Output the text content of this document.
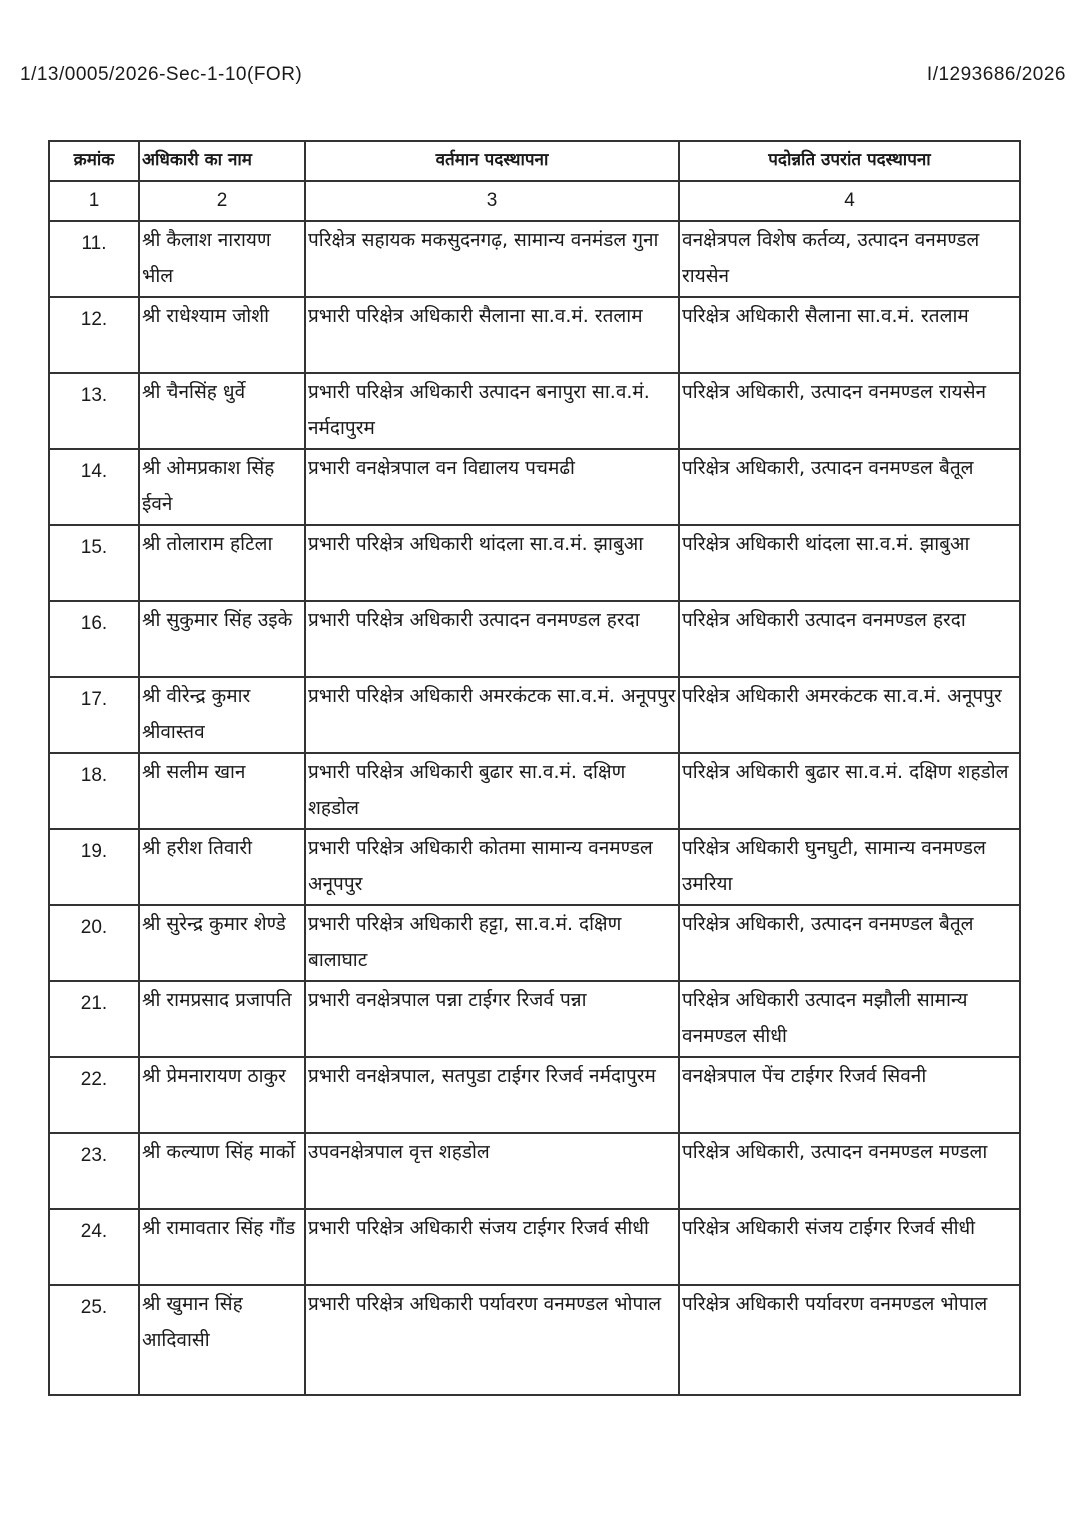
1/13/0005/2026-Sec-1-10(FOR)	I/1293686/2026
क्रमांक	अधिकारी का नाम	वर्तमान पदस्थापना	पदोन्नति उपरांत पदस्थापना
1	2	3	4
11.	श्री कैलाश नारायण भील	परिक्षेत्र सहायक मकसुदनगढ़, सामान्य वनमंडल गुना	वनक्षेत्रपल विशेष कर्तव्य, उत्पादन वनमण्डल रायसेन
12.	श्री राधेश्याम जोशी	प्रभारी परिक्षेत्र अधिकारी सैलाना सा.व.मं. रतलाम	परिक्षेत्र अधिकारी सैलाना सा.व.मं. रतलाम
13.	श्री चैनसिंह धुर्वे	प्रभारी परिक्षेत्र अधिकारी उत्पादन बनापुरा सा.व.मं. नर्मदापुरम	परिक्षेत्र अधिकारी, उत्पादन वनमण्डल रायसेन
14.	श्री ओमप्रकाश सिंह ईवने	प्रभारी वनक्षेत्रपाल वन विद्यालय पचमढी	परिक्षेत्र अधिकारी, उत्पादन वनमण्डल बैतूल
15.	श्री तोलाराम हटिला	प्रभारी परिक्षेत्र अधिकारी थांदला सा.व.मं. झाबुआ	परिक्षेत्र अधिकारी थांदला सा.व.मं. झाबुआ
16.	श्री सुकुमार सिंह उइके	प्रभारी परिक्षेत्र अधिकारी उत्पादन वनमण्डल हरदा	परिक्षेत्र अधिकारी उत्पादन वनमण्डल हरदा
17.	श्री वीरेन्द्र कुमार श्रीवास्तव	प्रभारी परिक्षेत्र अधिकारी अमरकंटक सा.व.मं. अनूपपुर	परिक्षेत्र अधिकारी अमरकंटक सा.व.मं. अनूपपुर
18.	श्री सलीम खान	प्रभारी परिक्षेत्र अधिकारी बुढार सा.व.मं. दक्षिण शहडोल	परिक्षेत्र अधिकारी बुढार सा.व.मं. दक्षिण शहडोल
19.	श्री हरीश तिवारी	प्रभारी परिक्षेत्र अधिकारी कोतमा सामान्य वनमण्डल अनूपपुर	परिक्षेत्र अधिकारी घुनघुटी, सामान्य वनमण्डल उमरिया
20.	श्री सुरेन्द्र कुमार शेण्डे	प्रभारी परिक्षेत्र अधिकारी हट्टा, सा.व.मं. दक्षिण बालाघाट	परिक्षेत्र अधिकारी, उत्पादन वनमण्डल बैतूल
21.	श्री रामप्रसाद प्रजापति	प्रभारी वनक्षेत्रपाल पन्ना टाईगर रिजर्व पन्ना	परिक्षेत्र अधिकारी उत्पादन मझौली सामान्य वनमण्डल सीधी
22.	श्री प्रेमनारायण ठाकुर	प्रभारी वनक्षेत्रपाल, सतपुडा टाईगर रिजर्व नर्मदापुरम	वनक्षेत्रपाल पेंच टाईगर रिजर्व सिवनी
23.	श्री कल्याण सिंह मार्को	उपवनक्षेत्रपाल वृत्त शहडोल	परिक्षेत्र अधिकारी, उत्पादन वनमण्डल मण्डला
24.	श्री रामावतार सिंह गौंड	प्रभारी परिक्षेत्र अधिकारी संजय टाईगर रिजर्व सीधी	परिक्षेत्र अधिकारी संजय टाईगर रिजर्व सीधी
25.	श्री खुमान सिंह आदिवासी	प्रभारी परिक्षेत्र अधिकारी पर्यावरण वनमण्डल भोपाल	परिक्षेत्र अधिकारी पर्यावरण वनमण्डल भोपाल
